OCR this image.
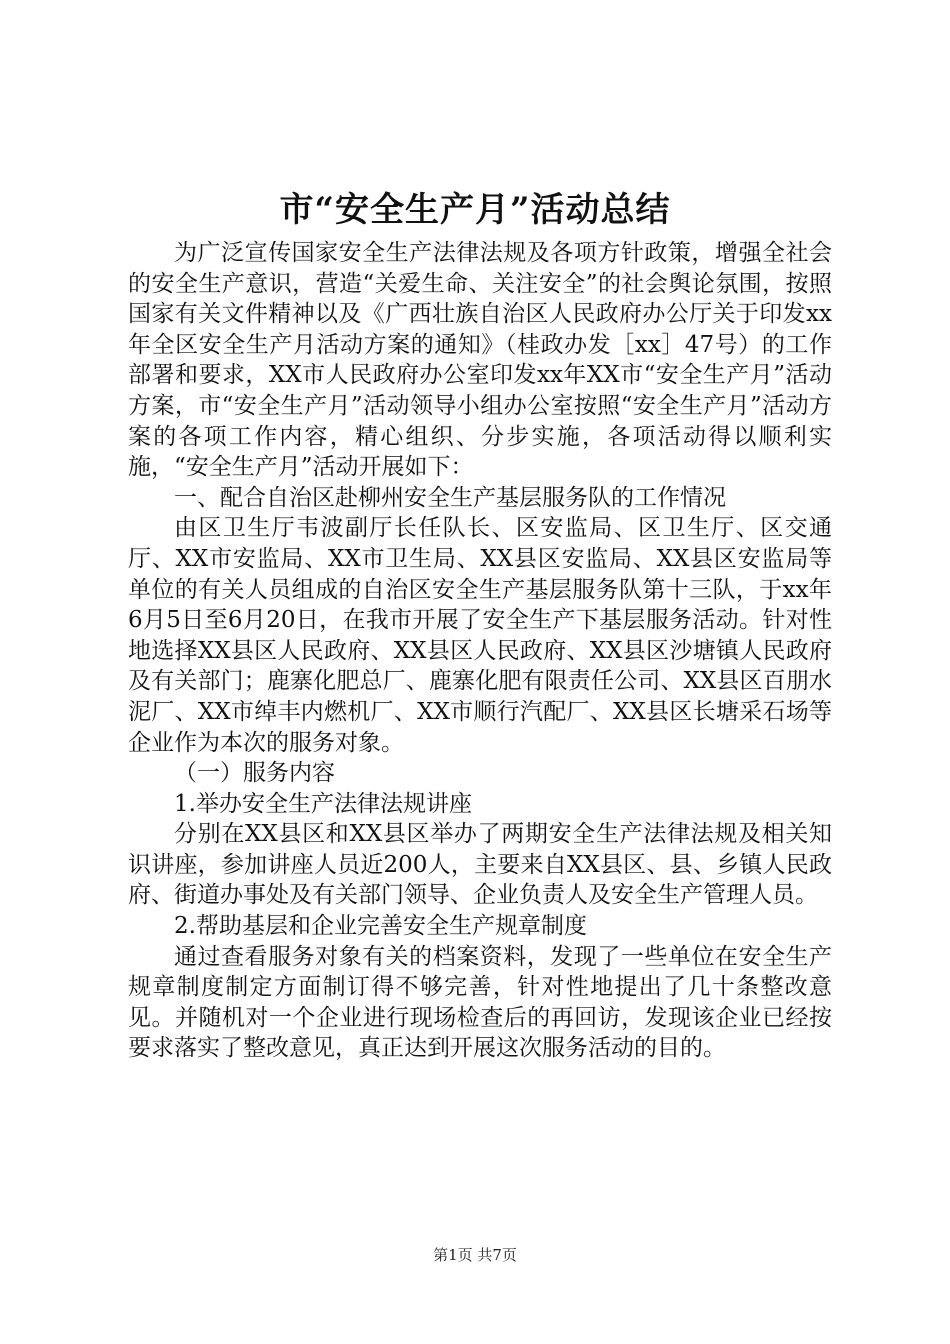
市“安全生产月”活动总结

为广泛宣传国家安全生产法律法规及各项方针政策，增强全社会的安全生产意识，营造“关爱生命、关注安全”的社会舆论氛围，按照国家有关文件精神以及《广西壮族自治区人民政府办公厅关于印发xx年全区安全生产月活动方案的通知》（桂政办发［xx］47号）的工作部署和要求，XX市人民政府办公室印发xx年XX市“安全生产月”活动方案，市“安全生产月”活动领导小组办公室按照“安全生产月”活动方案的各项工作内容，精心组织、分步实施，各项活动得以顺利实施，“安全生产月”活动开展如下：

一、配合自治区赴柳州安全生产基层服务队的工作情况

由区卫生厅韦波副厅长任队长、区安监局、区卫生厅、区交通厅、XX市安监局、XX市卫生局、XX县区安监局、XX县区安监局等单位的有关人员组成的自治区安全生产基层服务队第十三队，于xx年6月5日至6月20日，在我市开展了安全生产下基层服务活动。针对性地选择XX县区人民政府、XX县区人民政府、XX县区沙塘镇人民政府及有关部门；鹿寨化肥总厂、鹿寨化肥有限责任公司、XX县区百朋水泥厂、XX市绰丰内燃机厂、XX市顺行汽配厂、XX县区长塘采石场等企业作为本次的服务对象。

（一）服务内容

1.举办安全生产法律法规讲座

分别在XX县区和XX县区举办了两期安全生产法律法规及相关知识讲座，参加讲座人员近200人，主要来自XX县区、县、乡镇人民政府、街道办事处及有关部门领导、企业负责人及安全生产管理人员。

2.帮助基层和企业完善安全生产规章制度

通过查看服务对象有关的档案资料，发现了一些单位在安全生产规章制度制定方面制订得不够完善，针对性地提出了几十条整改意见。并随机对一个企业进行现场检查后的再回访，发现该企业已经按要求落实了整改意见，真正达到开展这次服务活动的目的。

第1页 共7页
